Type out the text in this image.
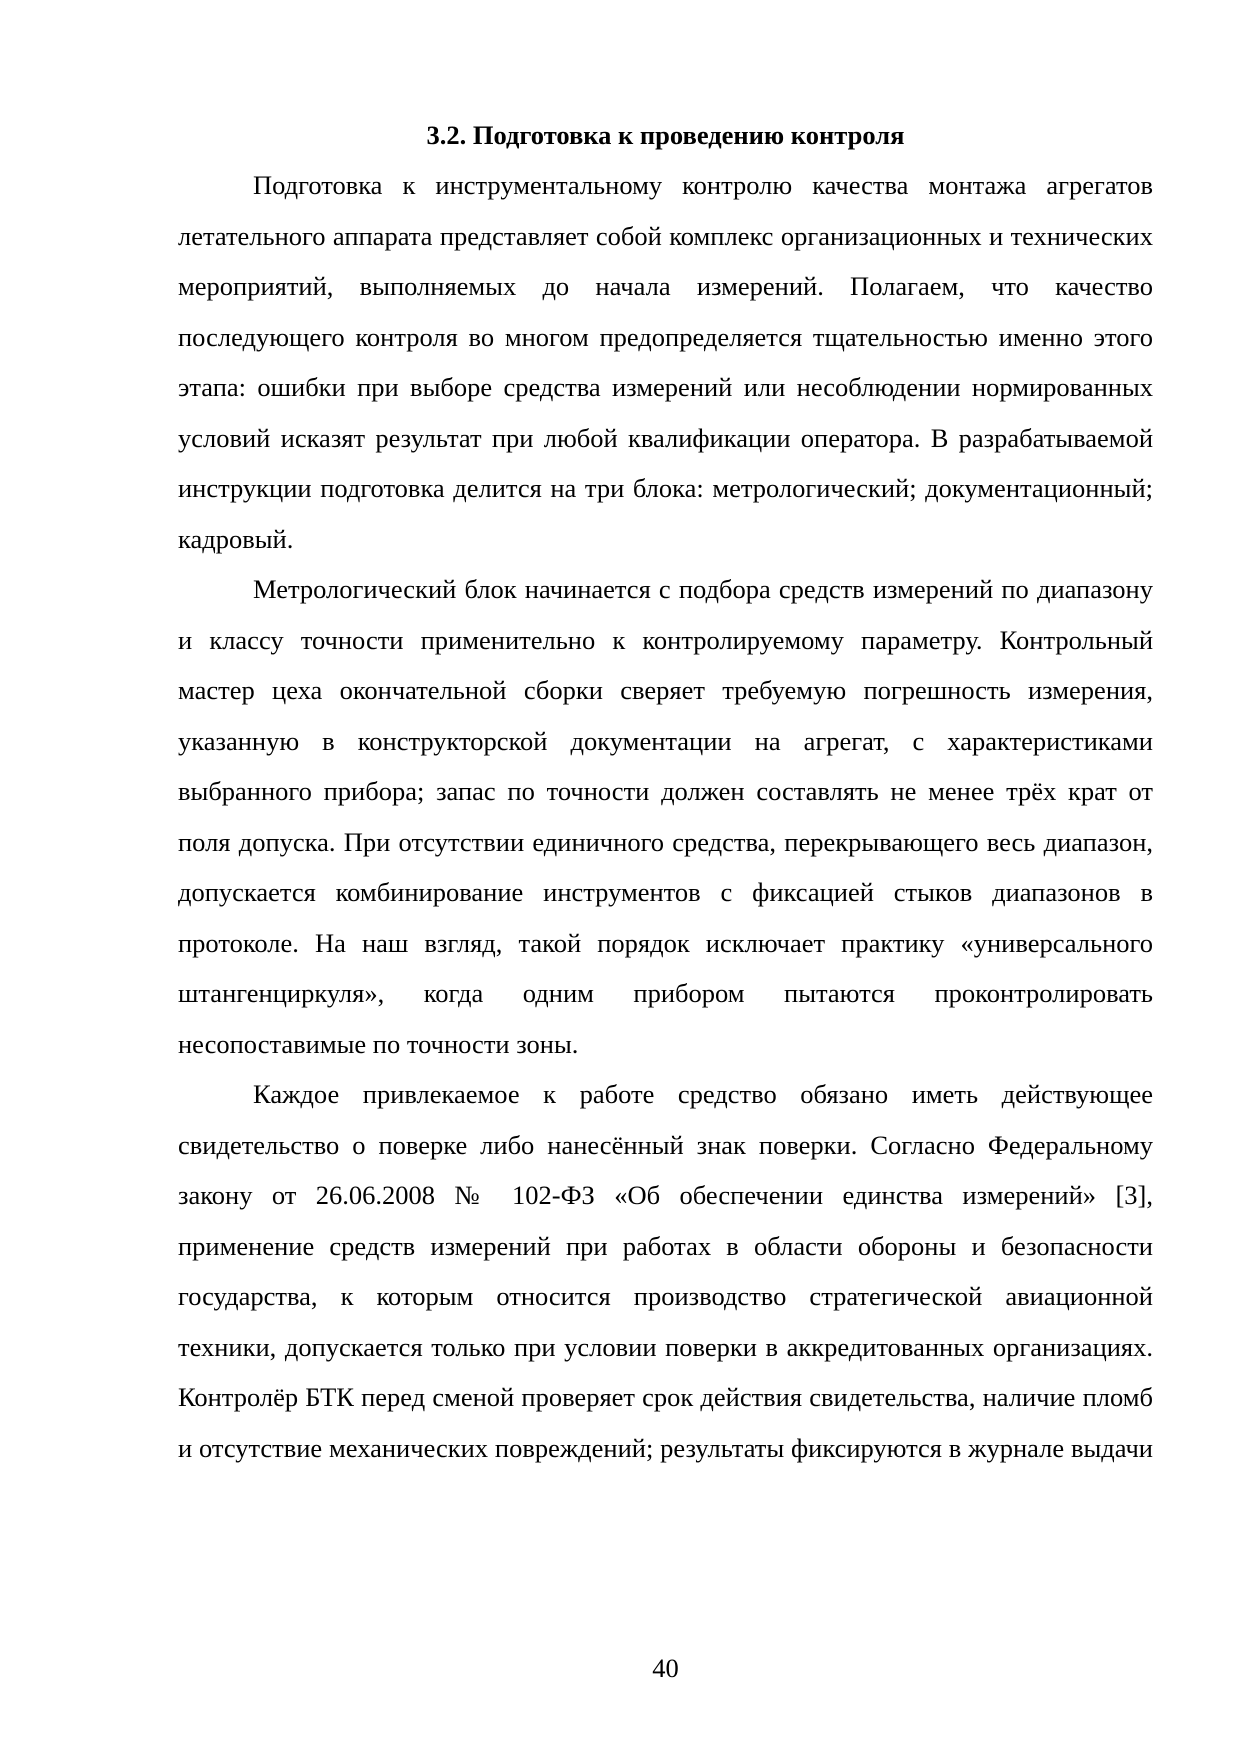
3.2. Подготовка к проведению контроля

Подготовка к инструментальному контролю качества монтажа агрегатов летательного аппарата представляет собой комплекс организационных и технических мероприятий, выполняемых до начала измерений. Полагаем, что качество последующего контроля во многом предопределяется тщательностью именно этого этапа: ошибки при выборе средства измерений или несоблюдении нормированных условий исказят результат при любой квалификации оператора. В разрабатываемой инструкции подготовка делится на три блока: метрологический; документационный; кадровый.

Метрологический блок начинается с подбора средств измерений по диапазону и классу точности применительно к контролируемому параметру. Контрольный мастер цеха окончательной сборки сверяет требуемую погрешность измерения, указанную в конструкторской документации на агрегат, с характеристиками выбранного прибора; запас по точности должен составлять не менее трёх крат от поля допуска. При отсутствии единичного средства, перекрывающего весь диапазон, допускается комбинирование инструментов с фиксацией стыков диапазонов в протоколе. На наш взгляд, такой порядок исключает практику «универсального штангенциркуля», когда одним прибором пытаются проконтролировать несопоставимые по точности зоны.

Каждое привлекаемое к работе средство обязано иметь действующее свидетельство о поверке либо нанесённый знак поверки. Согласно Федеральному закону от 26.06.2008 № 102-ФЗ «Об обеспечении единства измерений» [3], применение средств измерений при работах в области обороны и безопасности государства, к которым относится производство стратегической авиационной техники, допускается только при условии поверки в аккредитованных организациях. Контролёр БТК перед сменой проверяет срок действия свидетельства, наличие пломб и отсутствие механических повреждений; результаты фиксируются в журнале выдачи

40
